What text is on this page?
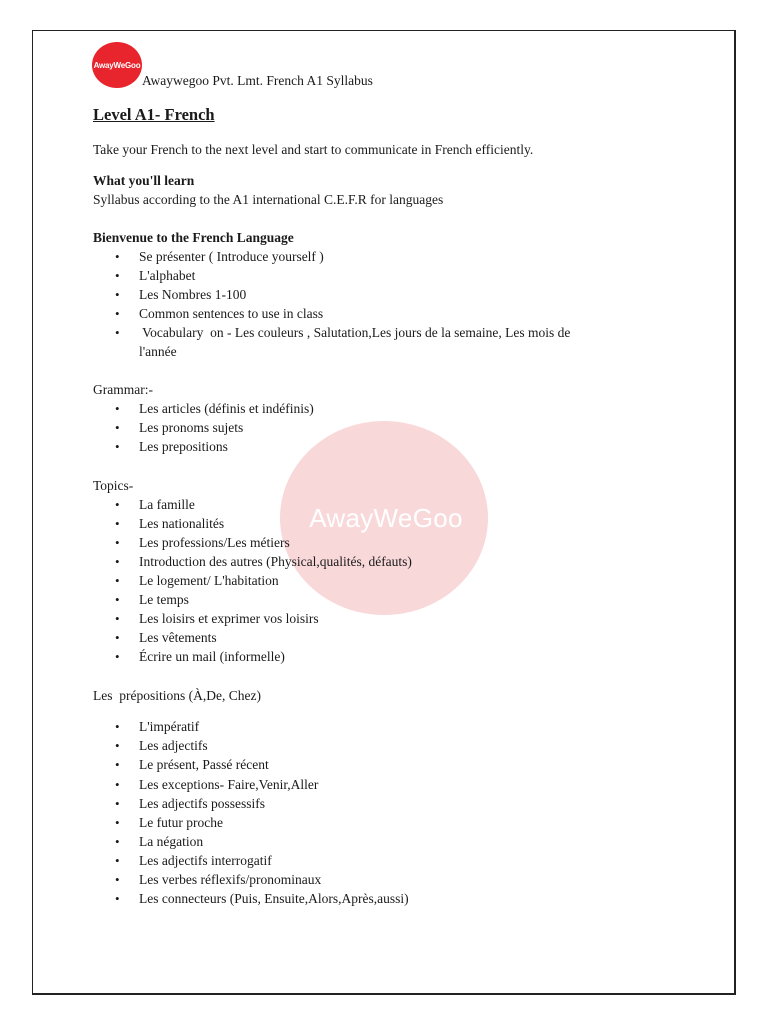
AwayWeGoo
Awaywegoo Pvt. Lmt. French A1 Syllabus
AwayWeGoo
Level A1- French
Take your French to the next level and start to communicate in French efficiently.
What you'll learn
Syllabus according to the A1 international C.E.F.R for languages
Bienvenue to the French Language
• Se présenter ( Introduce yourself )
• L'alphabet
• Les Nombres 1-100
• Common sentences to use in class
• Vocabulary  on - Les couleurs , Salutation,Les jours de la semaine, Les mois de
l'année
Grammar:-
• Les articles (définis et indéfinis)
• Les pronoms sujets
• Les prepositions
Topics-
• La famille
• Les nationalités
• Les professions/Les métiers
• Introduction des autres (Physical,qualités, défauts)
• Le logement/ L'habitation
• Le temps
• Les loisirs et exprimer vos loisirs
• Les vêtements
• Écrire un mail (informelle)
Les  prépositions (À,De, Chez)
• L'impératif
• Les adjectifs
• Le présent, Passé récent
• Les exceptions- Faire,Venir,Aller
• Les adjectifs possessifs
• Le futur proche
• La négation
• Les adjectifs interrogatif
• Les verbes réflexifs/pronominaux
• Les connecteurs (Puis, Ensuite,Alors,Après,aussi)
